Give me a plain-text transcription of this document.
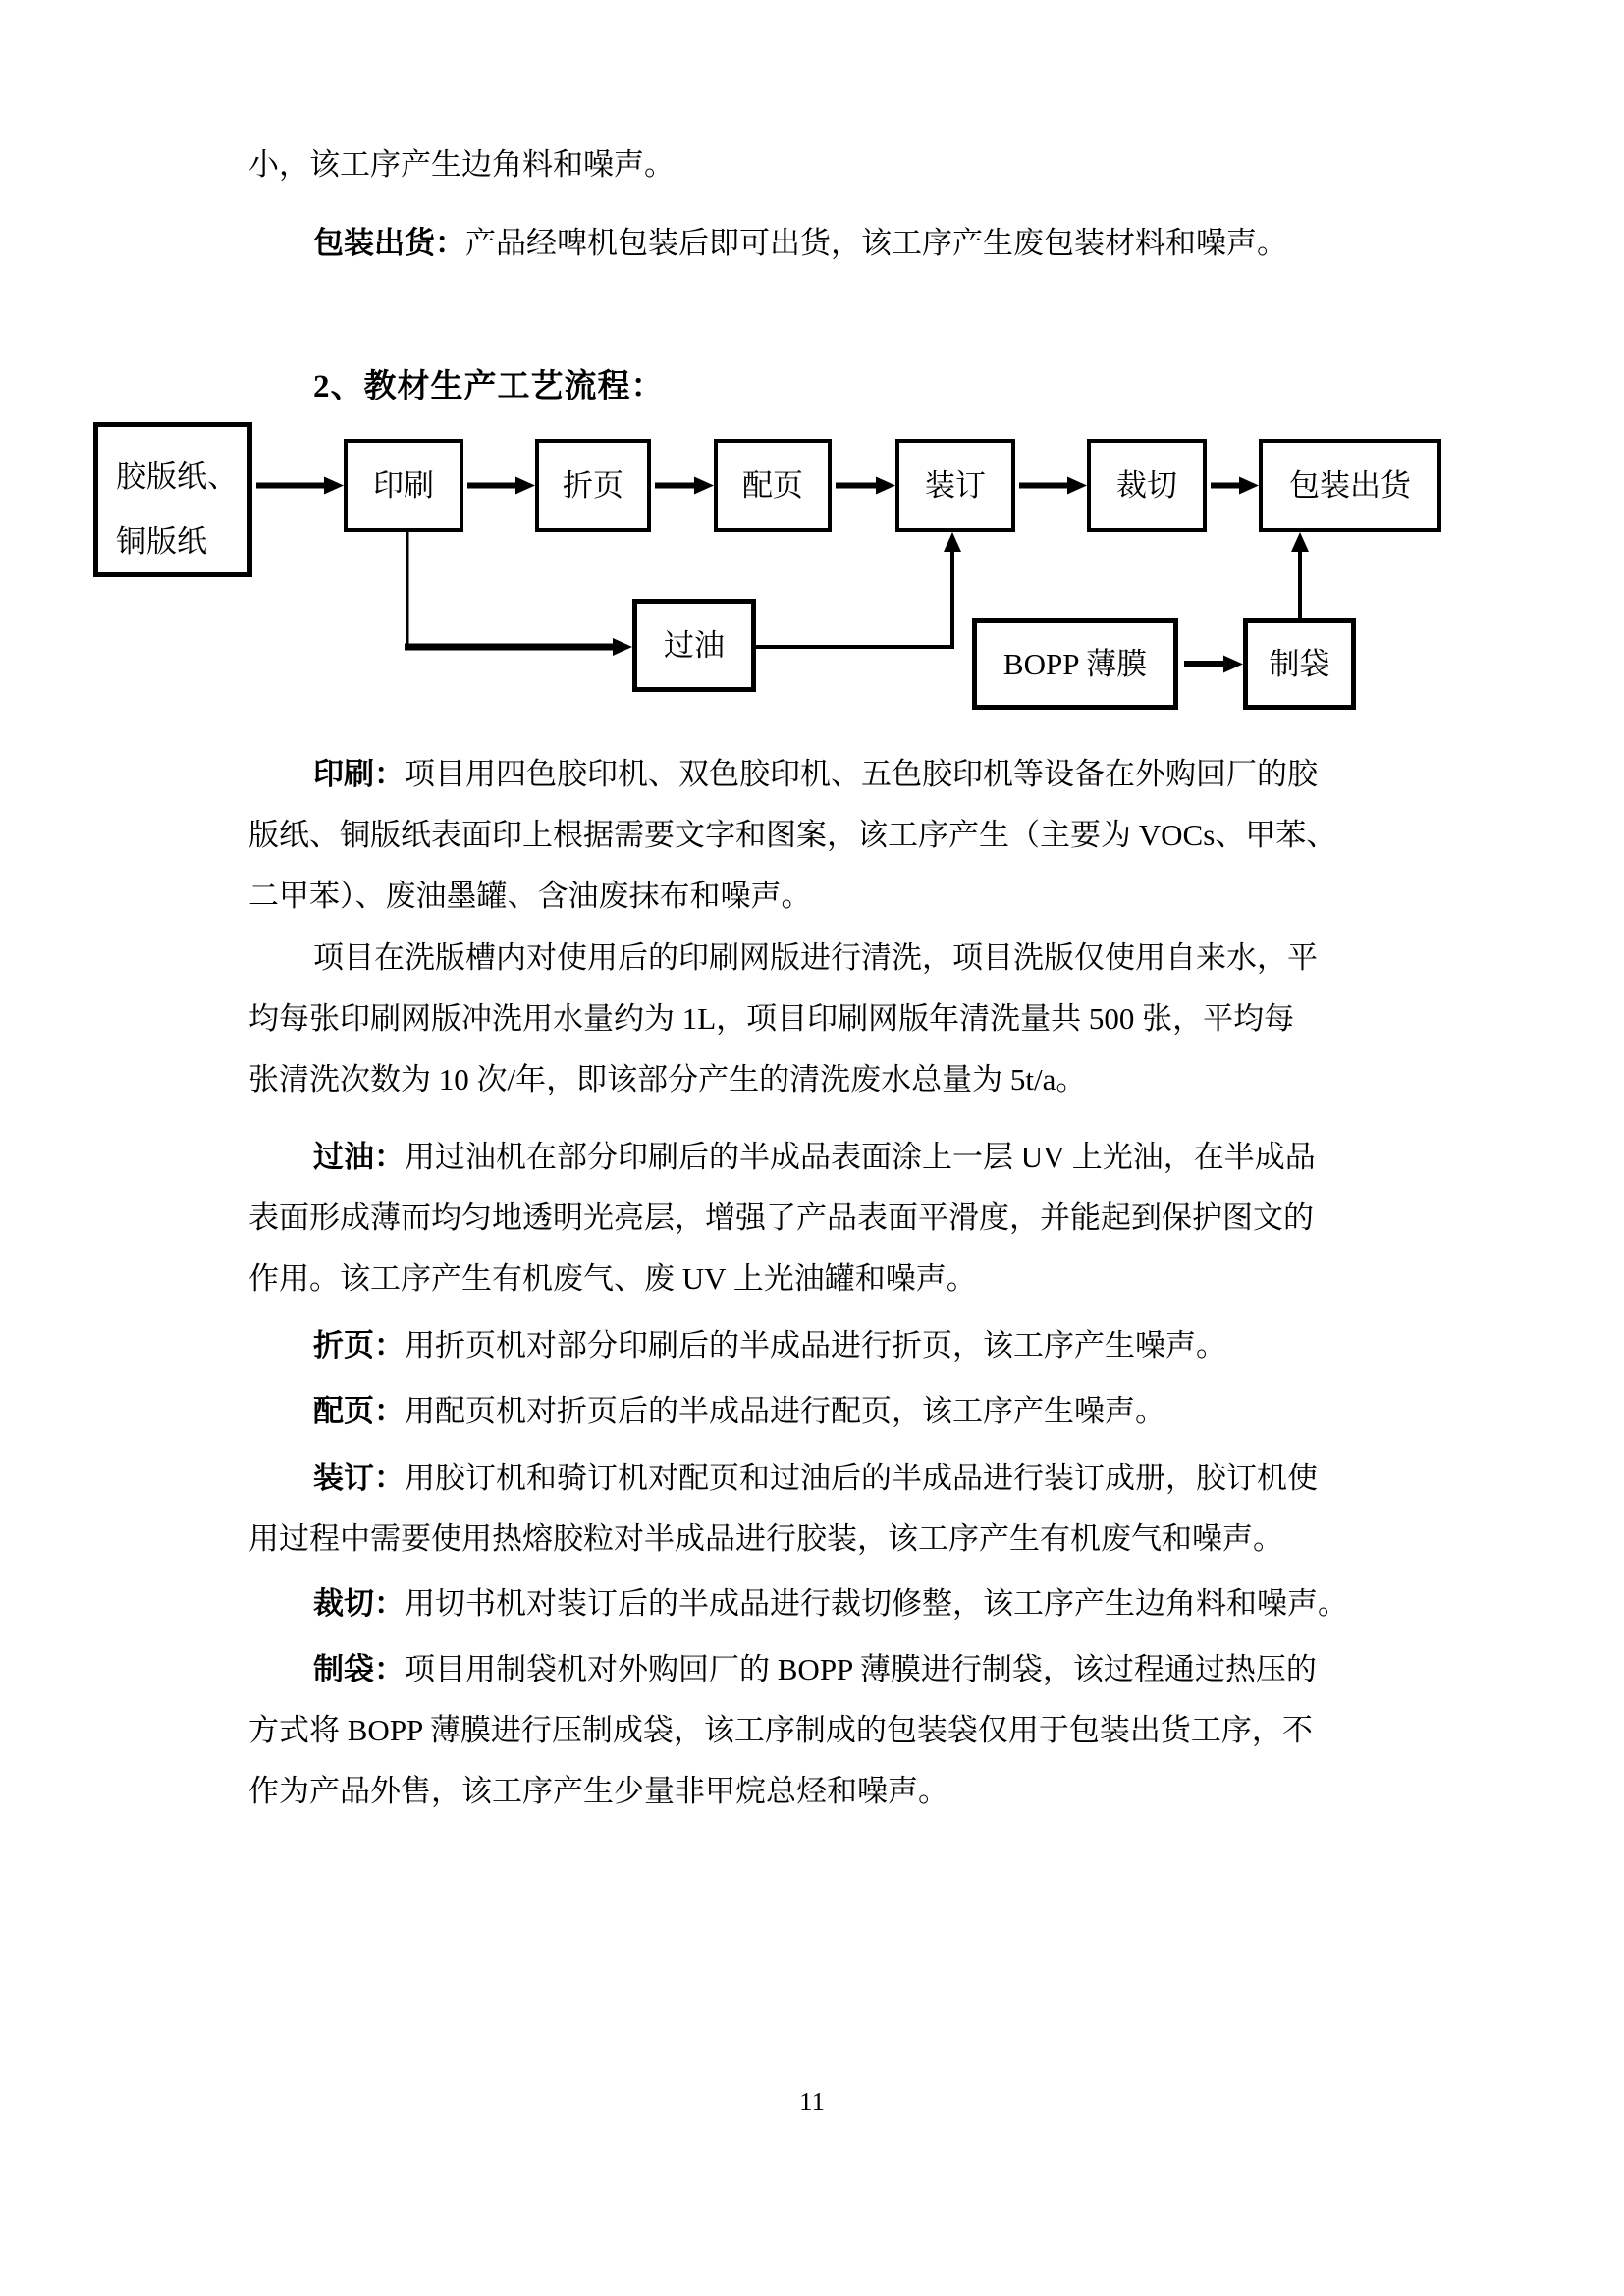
小，该工序产生边角料和噪声。
包装出货：产品经啤机包装后即可出货，该工序产生废包装材料和噪声。
2、教材生产工艺流程：
印刷：项目用四色胶印机、双色胶印机、五色胶印机等设备在外购回厂的胶
版纸、铜版纸表面印上根据需要文字和图案，该工序产生（主要为 VOCs、甲苯、
二甲苯）、废油墨罐、含油废抹布和噪声。
项目在洗版槽内对使用后的印刷网版进行清洗，项目洗版仅使用自来水，平
均每张印刷网版冲洗用水量约为 1L，项目印刷网版年清洗量共 500 张，平均每
张清洗次数为 10 次/年，即该部分产生的清洗废水总量为 5t/a。
过油：用过油机在部分印刷后的半成品表面涂上一层 UV 上光油，在半成品
表面形成薄而均匀地透明光亮层，增强了产品表面平滑度，并能起到保护图文的
作用。该工序产生有机废气、废 UV 上光油罐和噪声。
折页：用折页机对部分印刷后的半成品进行折页，该工序产生噪声。
配页：用配页机对折页后的半成品进行配页，该工序产生噪声。
装订：用胶订机和骑订机对配页和过油后的半成品进行装订成册，胶订机使
用过程中需要使用热熔胶粒对半成品进行胶装，该工序产生有机废气和噪声。
裁切：用切书机对装订后的半成品进行裁切修整，该工序产生边角料和噪声。
制袋：项目用制袋机对外购回厂的 BOPP 薄膜进行制袋，该过程通过热压的
方式将 BOPP 薄膜进行压制成袋，该工序制成的包装袋仅用于包装出货工序，不
作为产品外售，该工序产生少量非甲烷总烃和噪声。
胶版纸、
铜版纸
印刷	折页	配页	装订	裁切	包装出货
过油
BOPP 薄膜	制袋
11
